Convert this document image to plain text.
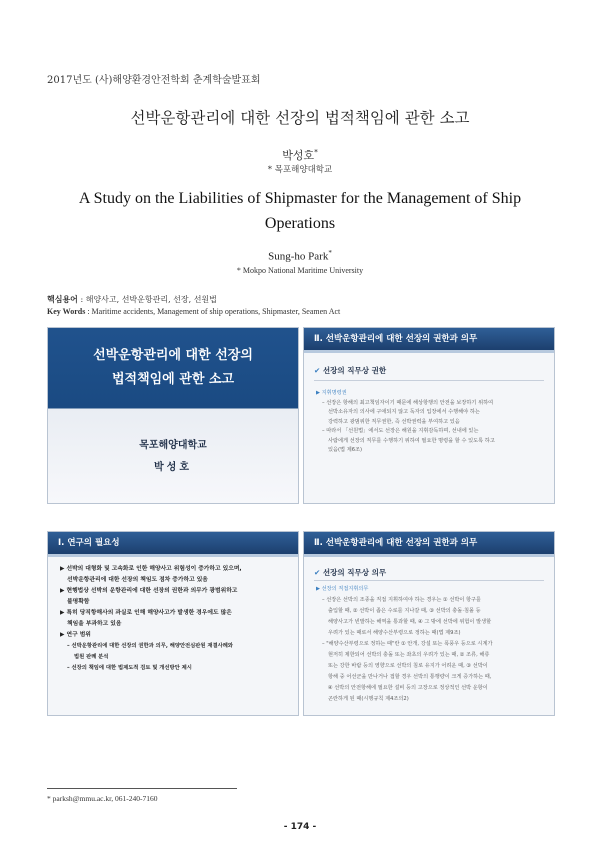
2017년도 (사)해양환경안전학회 춘계학술발표회
선박운항관리에 대한 선장의 법적책임에 관한 소고
박성호*
* 목포해양대학교
A Study on the Liabilities of Shipmaster for the Management of Ship Operations
Sung-ho Park*
* Mokpo National Maritime University
핵심용어 : 해양사고, 선박운항관리, 선장, 선원법
Key Words : Maritime accidents, Management of ship operations, Shipmaster, Seamen Act
선박운항관리에 대한 선장의
법적책임에 관한 소고
목포해양대학교
박성호
Ⅱ. 선박운항관리에 대한 선장의 권한과 의무
✔ 선장의 직무상 권한
▶ 지휘명령권
– 선장은 항해의 최고책임자이기 때문에 해상항행의 안전을 보장하기 위하여
선박소유자의 의사에 구애되지 않고 독자의 입장에서 수행해야 하는
강력하고 광범위한 직무권한, 즉 선박권력을 부여하고 있음
– 따라서 「선원법」에서도 선장은 해원을 지휘감독하며, 선내에 있는
사람에게 선장의 직무를 수행하기 위하여 필요한 명령을 할 수 있도록 하고
있음(법 제6조)
Ⅰ. 연구의 필요성
▶ 선박의 대형화 및 고속화로 인한 해양사고 위험성이 증가하고 있으며,
선박운항관리에 대한 선장의 책임도 점차 증가하고 있음
▶ 현행법상 선박의 운항관리에 대한 선장의 권한과 의무가 광범위하고
불명확함
▶ 특히 당직항해사의 과실로 인해 해양사고가 발생한 경우에도 많은
책임을 부과하고 있음
▶ 연구 범위
– 선박운항관리에 대한 선장의 권한과 의무, 해양안전심판원 재결사례와
법원 판례 분석
– 선장의 책임에 대한 법제도적 검토 및 개선방안 제시
Ⅱ. 선박운항관리에 대한 선장의 권한과 의무
✔ 선장의 직무상 의무
▶ 선장의 직접지휘의무
– 선장은 선박의 조종을 직접 지휘하여야 하는 경우는 ① 선박이 항구를
출입할 때, ② 선박이 좁은 수로를 지나갈 때, ③ 선박의 충돌·침몰 등
해양사고가 빈발하는 해역을 통과할 때, ④ 그 밖에 선박에 위험이 발생할
우려가 있는 때로서 해양수산부령으로 정하는 때(법 제9조)
– "해양수산부령으로 정하는 때"란 ① 안개, 강설 또는 폭풍우 등으로 시계가
현저히 제한되어 선박의 충돌 또는 좌초의 우려가 있는 때, ② 조류, 해류
또는 강한 바람 등의 영향으로 선박의 침로 유지가 어려운 때, ③ 선박이
항해 중 어선군을 만나거나 접할 경우 선박의 통행량이 크게 증가하는 때,
④ 선박의 안전항해에 필요한 설비 등의 고장으로 정상적인 선박 운항이
곤란하게 된 때(시행규칙 제4조의2)
* parksh@mmu.ac.kr, 061-240-7160
- 174 -
